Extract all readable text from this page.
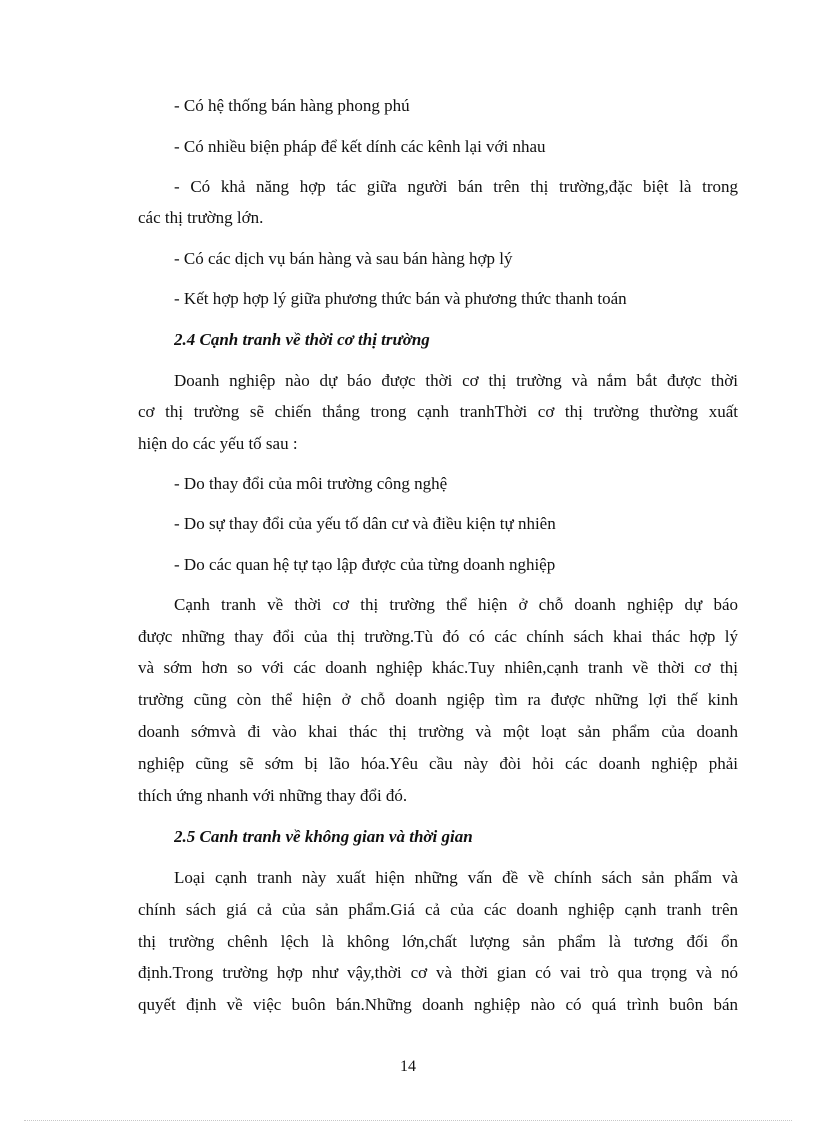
- Có hệ thống bán hàng phong phú
- Có nhiều biện pháp để kết dính các kênh lại với nhau
- Có khả năng hợp tác giữa người bán trên thị trường,đặc biệt là trong
các thị trường lớn.
- Có các dịch vụ bán hàng và sau bán hàng hợp lý
- Kết hợp hợp lý giữa phương thức bán và phương thức thanh toán
2.4 Cạnh tranh về thời cơ thị trường
Doanh nghiệp nào dự báo được thời cơ thị trường và nắm bắt được thời
cơ thị trường sẽ chiến thắng trong cạnh tranhThời cơ thị trường thường xuất
hiện do các yếu tố sau :
- Do thay đổi của môi trường công nghệ
- Do sự thay đổi của yếu tố dân cư và điều kiện tự nhiên
- Do các quan hệ tự tạo lập được của từng doanh nghiệp
Cạnh tranh về thời cơ thị trường thể hiện ở chỗ doanh nghiệp dự báo
được những thay đổi của thị trường.Tù đó có các chính sách khai thác hợp lý
và sớm hơn so với các doanh nghiệp khác.Tuy nhiên,cạnh tranh về thời cơ thị
trường cũng còn thể hiện ở chỗ doanh ngiệp tìm ra được những lợi thế kinh
doanh sớmvà đi vào khai thác thị trường và một loạt sản phẩm của doanh
nghiệp cũng sẽ sớm bị lão hóa.Yêu cầu này đòi hỏi các doanh nghiệp phải
thích ứng nhanh với những thay đổi đó.
2.5 Canh tranh về không gian và thời gian
Loại cạnh tranh này xuất hiện những vấn đề về chính sách sản phẩm và
chính sách giá cả của sản phẩm.Giá cả của các doanh nghiệp cạnh tranh trên
thị trường chênh lệch là không lớn,chất lượng sản phẩm là tương đối ổn
định.Trong trường hợp như vậy,thời cơ và thời gian có vai trò qua trọng và nó
quyết định về việc buôn bán.Những doanh nghiệp nào có quá trình buôn bán
14
